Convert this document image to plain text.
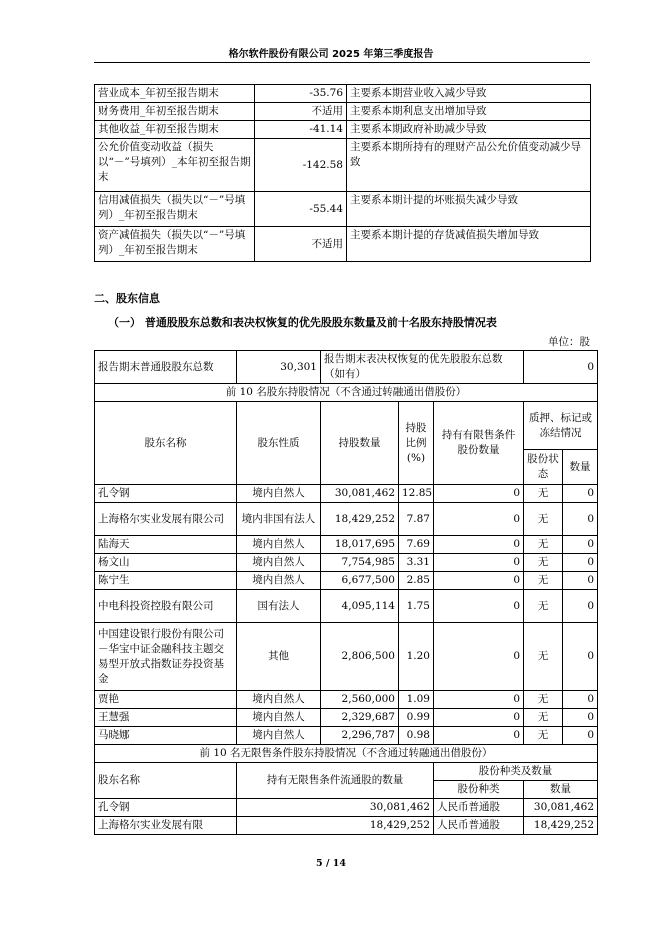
格尔软件股份有限公司 2025 年第三季度报告
营业成本_年初至报告期末	-35.76	主要系本期营业收入减少导致
财务费用_年初至报告期末	不适用	主要系本期利息支出增加导致
其他收益_年初至报告期末	-41.14	主要系本期政府补助减少导致
公允价值变动收益（损失以“－”号填列）_本年初至报告期末	-142.58	主要系本期所持有的理财产品公允价值变动减少导致
信用减值损失（损失以“－”号填列）_年初至报告期末	-55.44	主要系本期计提的坏账损失减少导致
资产减值损失（损失以“－”号填列）_年初至报告期末	不适用	主要系本期计提的存货减值损失增加导致
二、股东信息
（一） 普通股股东总数和表决权恢复的优先股股东数量及前十名股东持股情况表
单位：股
报告期末普通股股东总数	30,301	报告期末表决权恢复的优先股股东总数（如有）			0	
前 10 名股东持股情况（不含通过转融通出借股份）						
股东名称	股东性质	持股数量	持股比例(%)	持有有限售条件股份数量	质押、标记或冻结情况	
					股份状态	数量
孔令钢	境内自然人	30,081,462	12.85	0	无	0
上海格尔实业发展有限公司	境内非国有法人	18,429,252	7.87	0	无	0
陆海天	境内自然人	18,017,695	7.69	0	无	0
杨文山	境内自然人	7,754,985	3.31	0	无	0
陈宁生	境内自然人	6,677,500	2.85	0	无	0
中电科投资控股有限公司	国有法人	4,095,114	1.75	0	无	0
中国建设银行股份有限公司－华宝中证金融科技主题交易型开放式指数证券投资基金	其他	2,806,500	1.20	0	无	0
贾艳	境内自然人	2,560,000	1.09	0	无	0
王慧强	境内自然人	2,329,687	0.99	0	无	0
马晓娜	境内自然人	2,296,787	0.98	0	无	0
前 10 名无限售条件股东持股情况（不含通过转融通出借股份）						
股东名称	持有无限售条件流通股的数量			股份种类及数量		
				股份种类	数量	
孔令钢	30,081,462			人民币普通股	30,081,462	
上海格尔实业发展有限	18,429,252			人民币普通股	18,429,252	
5 / 14
